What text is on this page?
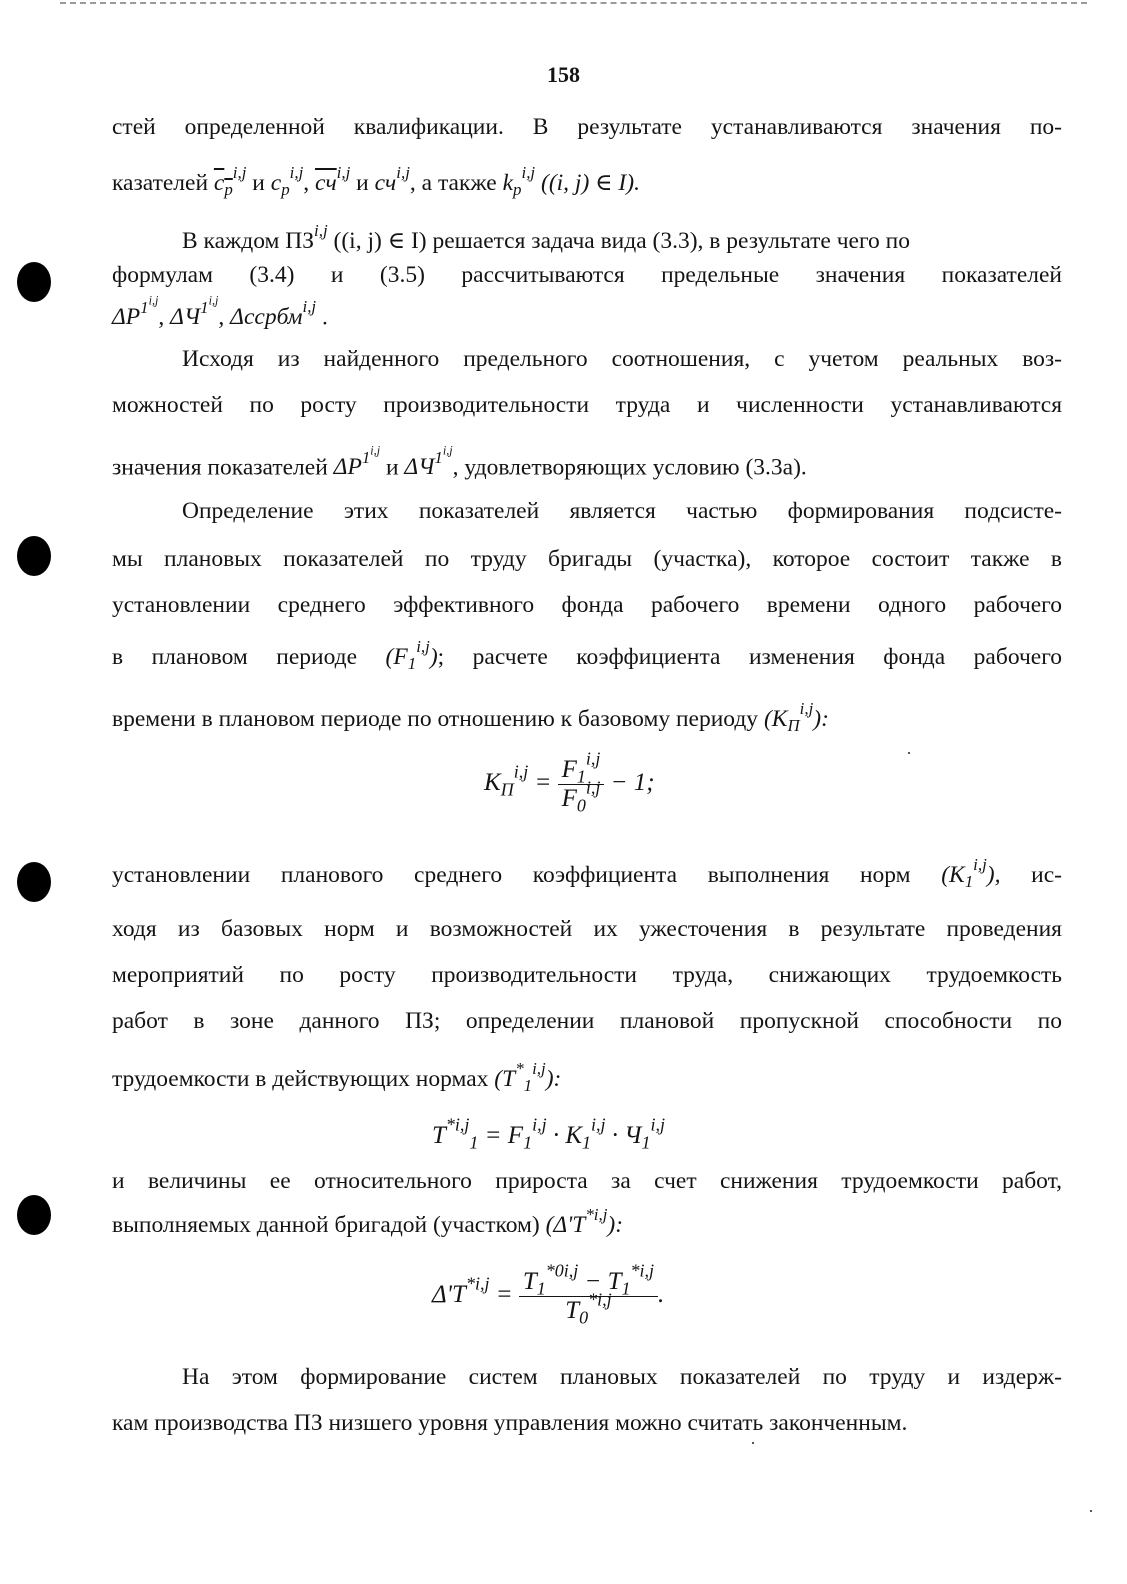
158
стей определенной квалификации. В результате устанавливаются значения по-
казателей $c_p^{i,j}$ и $c_p^{i,j}$, cч$^{i,j}$ и cч$^{i,j}$, а также $k_p^{i,j}$ ((i, j) ∈ I).
В каждом ПЗ$^{i,j}$ ((i, j) ∈ I) решается задача вида (3.3), в результате чего по
формулам (3.4) и (3.5) рассчитываются предельные значения показателей
$\Delta P^{1^{i,j}}$, $\Delta Ч^{1^{i,j}}$, Δссрбм$^{i,j}$ .
Исходя из найденного предельного соотношения, с учетом реальных воз-
можностей по росту производительности труда и численности устанавливаются
значения показателей $\Delta P^{1^{i,j}}$ и $\Delta Ч^{1^{i,j}}$, удовлетворяющих условию (3.3а).
Определение этих показателей является частью формирования подсисте-
мы плановых показателей по труду бригады (участка), которое состоит также в
установлении среднего эффективного фонда рабочего времени одного рабочего
в плановом периоде $(F_1^{i,j})$; расчете коэффициента изменения фонда рабочего
времени в плановом периоде по отношению к базовому периоду $(K_П^{i,j})$:
$K_П^{i,j} = \frac{F_1^{i,j}}{F_0^{i,j}} - 1$;
установлении планового среднего коэффициента выполнения норм $(K_1^{i,j})$, ис-
ходя из базовых норм и возможностей их ужесточения в результате проведения
мероприятий по росту производительности труда, снижающих трудоемкость
работ в зоне данного ПЗ; определении плановой пропускной способности по
трудоемкости в действующих нормах $(T^*_1^{i,j})$:
$T^{*i,j}_1 = F_1^{i,j} \cdot K_1^{i,j} \cdot Ч_1^{i,j}$
и величины ее относительного прироста за счет снижения трудоемкости работ,
выполняемых данной бригадой (участком) $(\Delta'T^{*i,j})$:
$\Delta'T^{*i,j} = \frac{T_1^{*0i,j} - T_1^{*i,j}}{T_0^{*i,j}}$ .
На этом формирование систем плановых показателей по труду и издерж-
кам производства ПЗ низшего уровня управления можно считать законченным.
